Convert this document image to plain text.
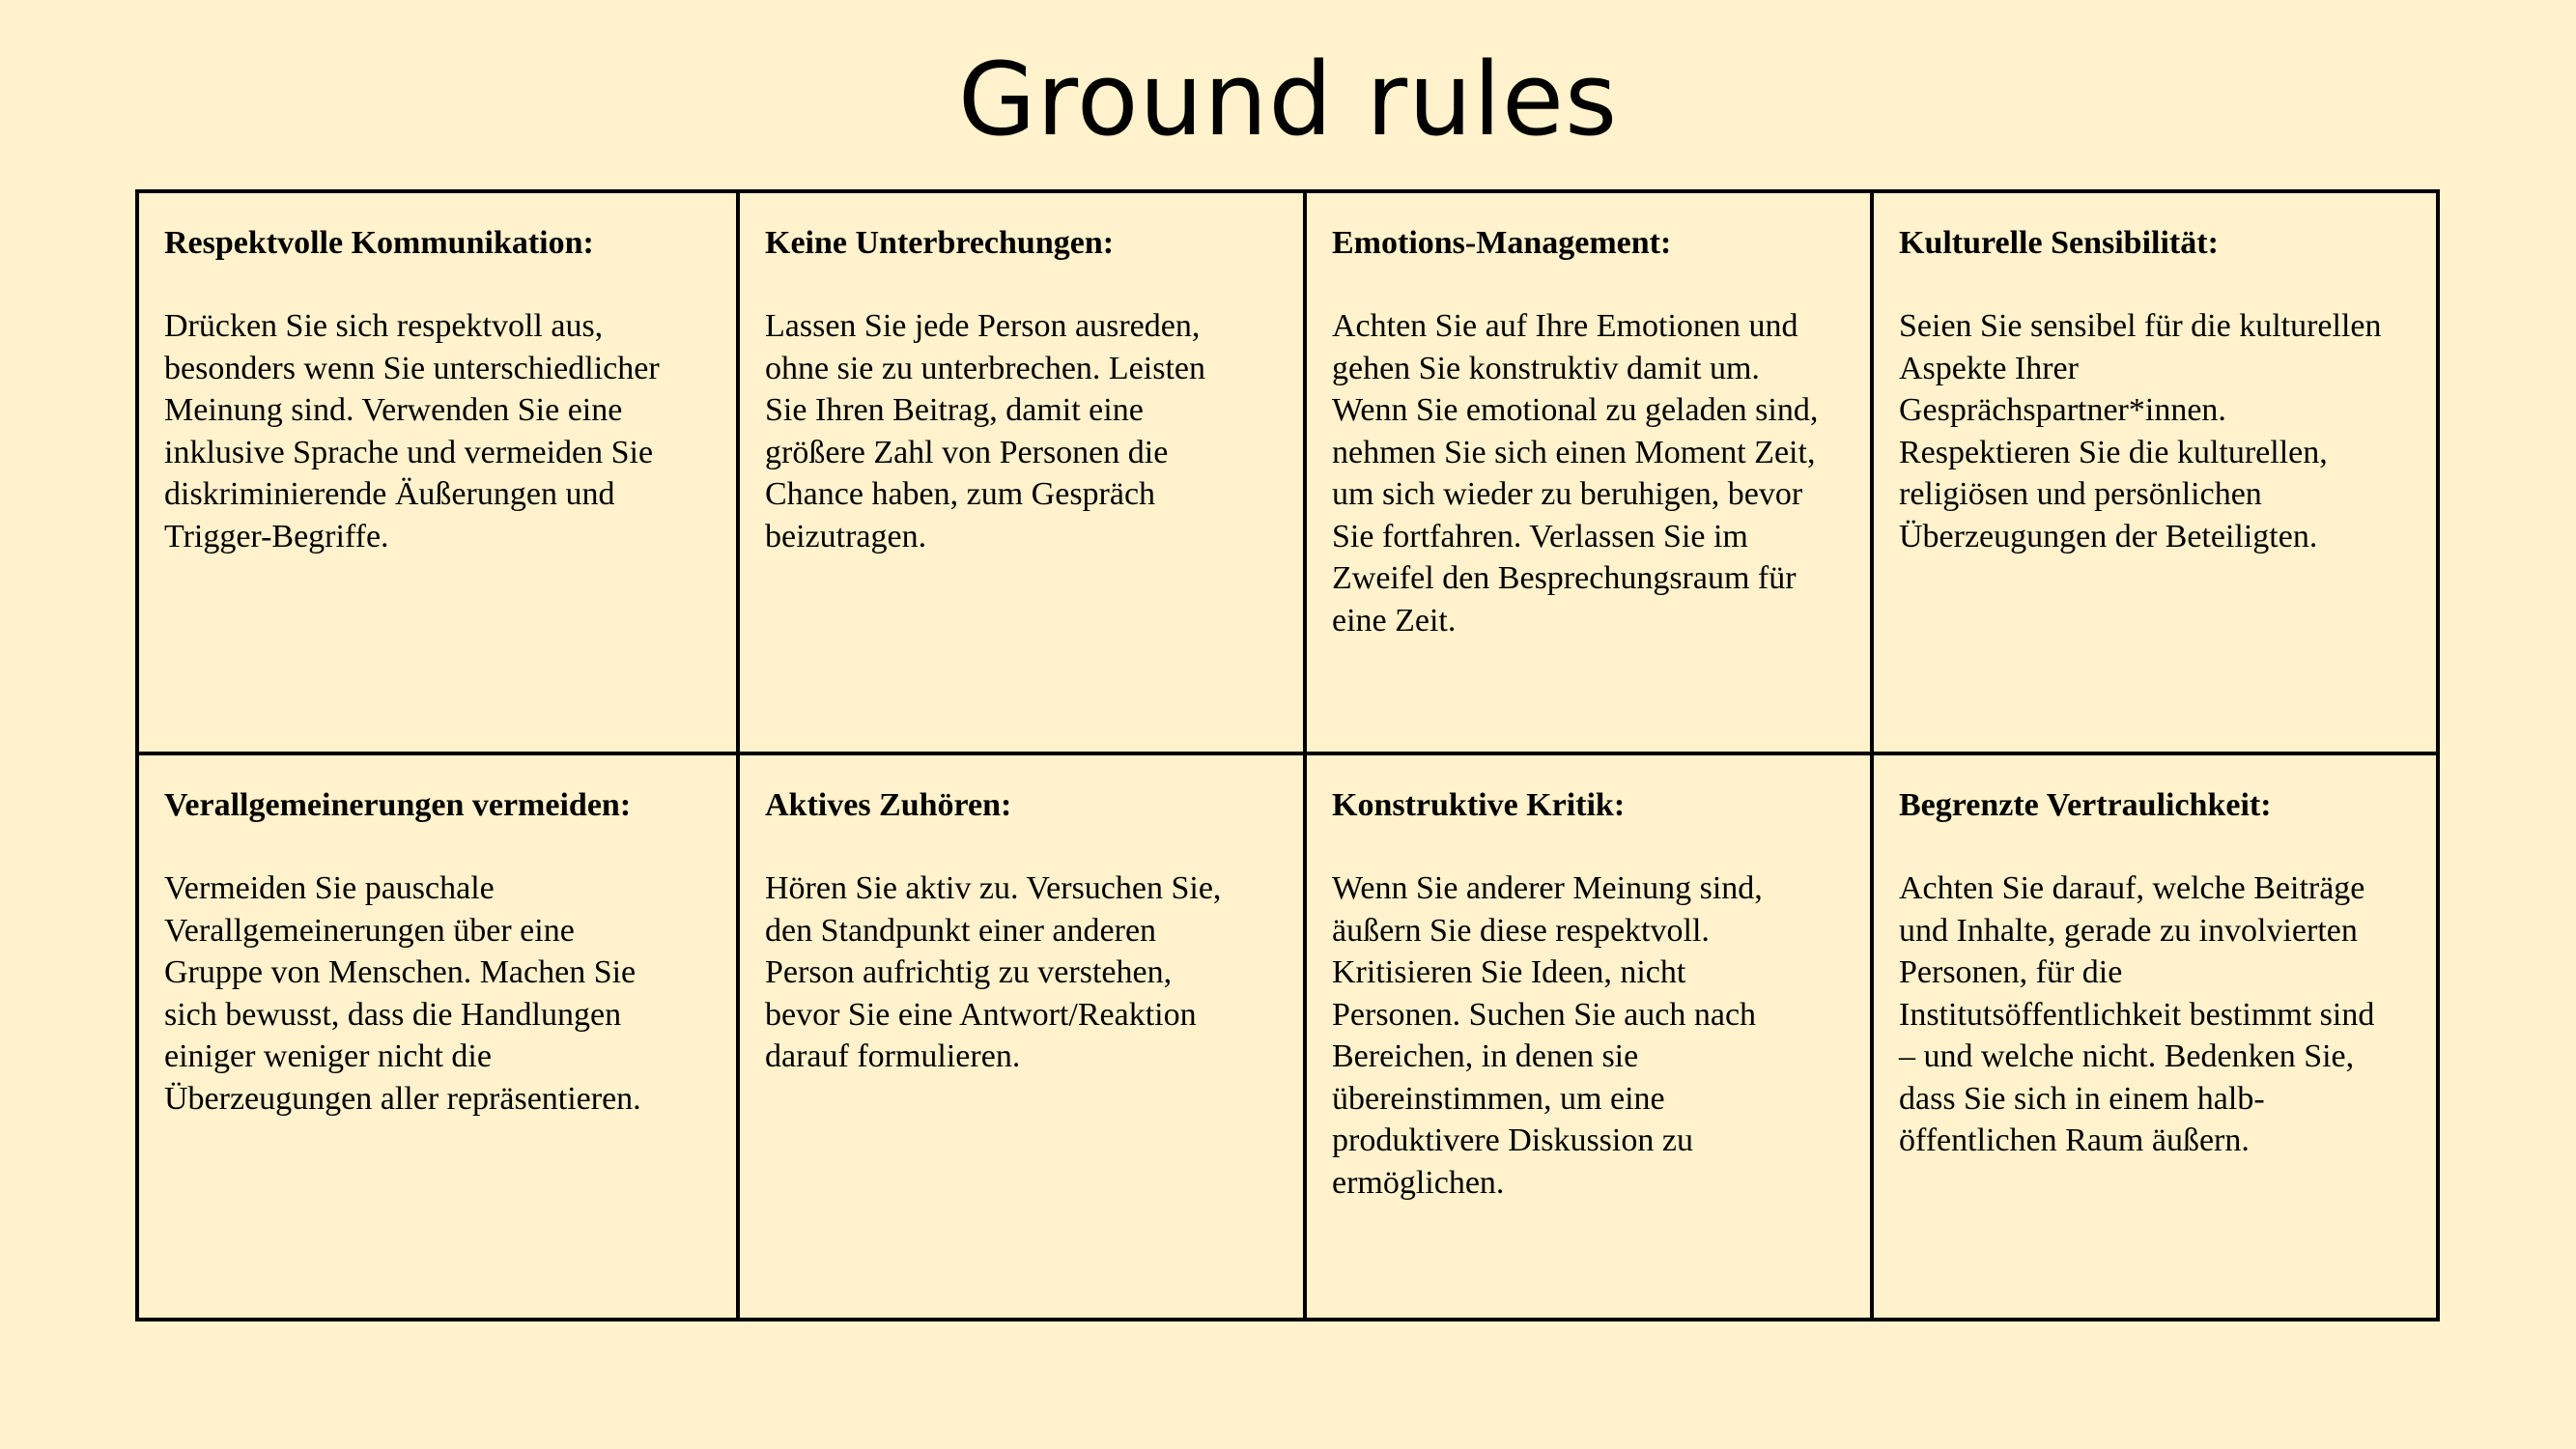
Ground rules

Respektvolle Kommunikation:

Drücken Sie sich respektvoll aus,
besonders wenn Sie unterschiedlicher
Meinung sind. Verwenden Sie eine
inklusive Sprache und vermeiden Sie
diskriminierende Äußerungen und
Trigger-Begriffe.

Keine Unterbrechungen:

Lassen Sie jede Person ausreden,
ohne sie zu unterbrechen. Leisten
Sie Ihren Beitrag, damit eine
größere Zahl von Personen die
Chance haben, zum Gespräch
beizutragen.

Emotions-Management:

Achten Sie auf Ihre Emotionen und
gehen Sie konstruktiv damit um.
Wenn Sie emotional zu geladen sind,
nehmen Sie sich einen Moment Zeit,
um sich wieder zu beruhigen, bevor
Sie fortfahren. Verlassen Sie im
Zweifel den Besprechungsraum für
eine Zeit.

Kulturelle Sensibilität:

Seien Sie sensibel für die kulturellen
Aspekte Ihrer
Gesprächspartner*innen.
Respektieren Sie die kulturellen,
religiösen und persönlichen
Überzeugungen der Beteiligten.

Verallgemeinerungen vermeiden:

Vermeiden Sie pauschale
Verallgemeinerungen über eine
Gruppe von Menschen. Machen Sie
sich bewusst, dass die Handlungen
einiger weniger nicht die
Überzeugungen aller repräsentieren.

Aktives Zuhören:

Hören Sie aktiv zu. Versuchen Sie,
den Standpunkt einer anderen
Person aufrichtig zu verstehen,
bevor Sie eine Antwort/Reaktion
darauf formulieren.

Konstruktive Kritik:

Wenn Sie anderer Meinung sind,
äußern Sie diese respektvoll.
Kritisieren Sie Ideen, nicht
Personen. Suchen Sie auch nach
Bereichen, in denen sie
übereinstimmen, um eine
produktivere Diskussion zu
ermöglichen.

Begrenzte Vertraulichkeit:

Achten Sie darauf, welche Beiträge
und Inhalte, gerade zu involvierten
Personen, für die
Institutsöffentlichkeit bestimmt sind
– und welche nicht. Bedenken Sie,
dass Sie sich in einem halb-
öffentlichen Raum äußern.
